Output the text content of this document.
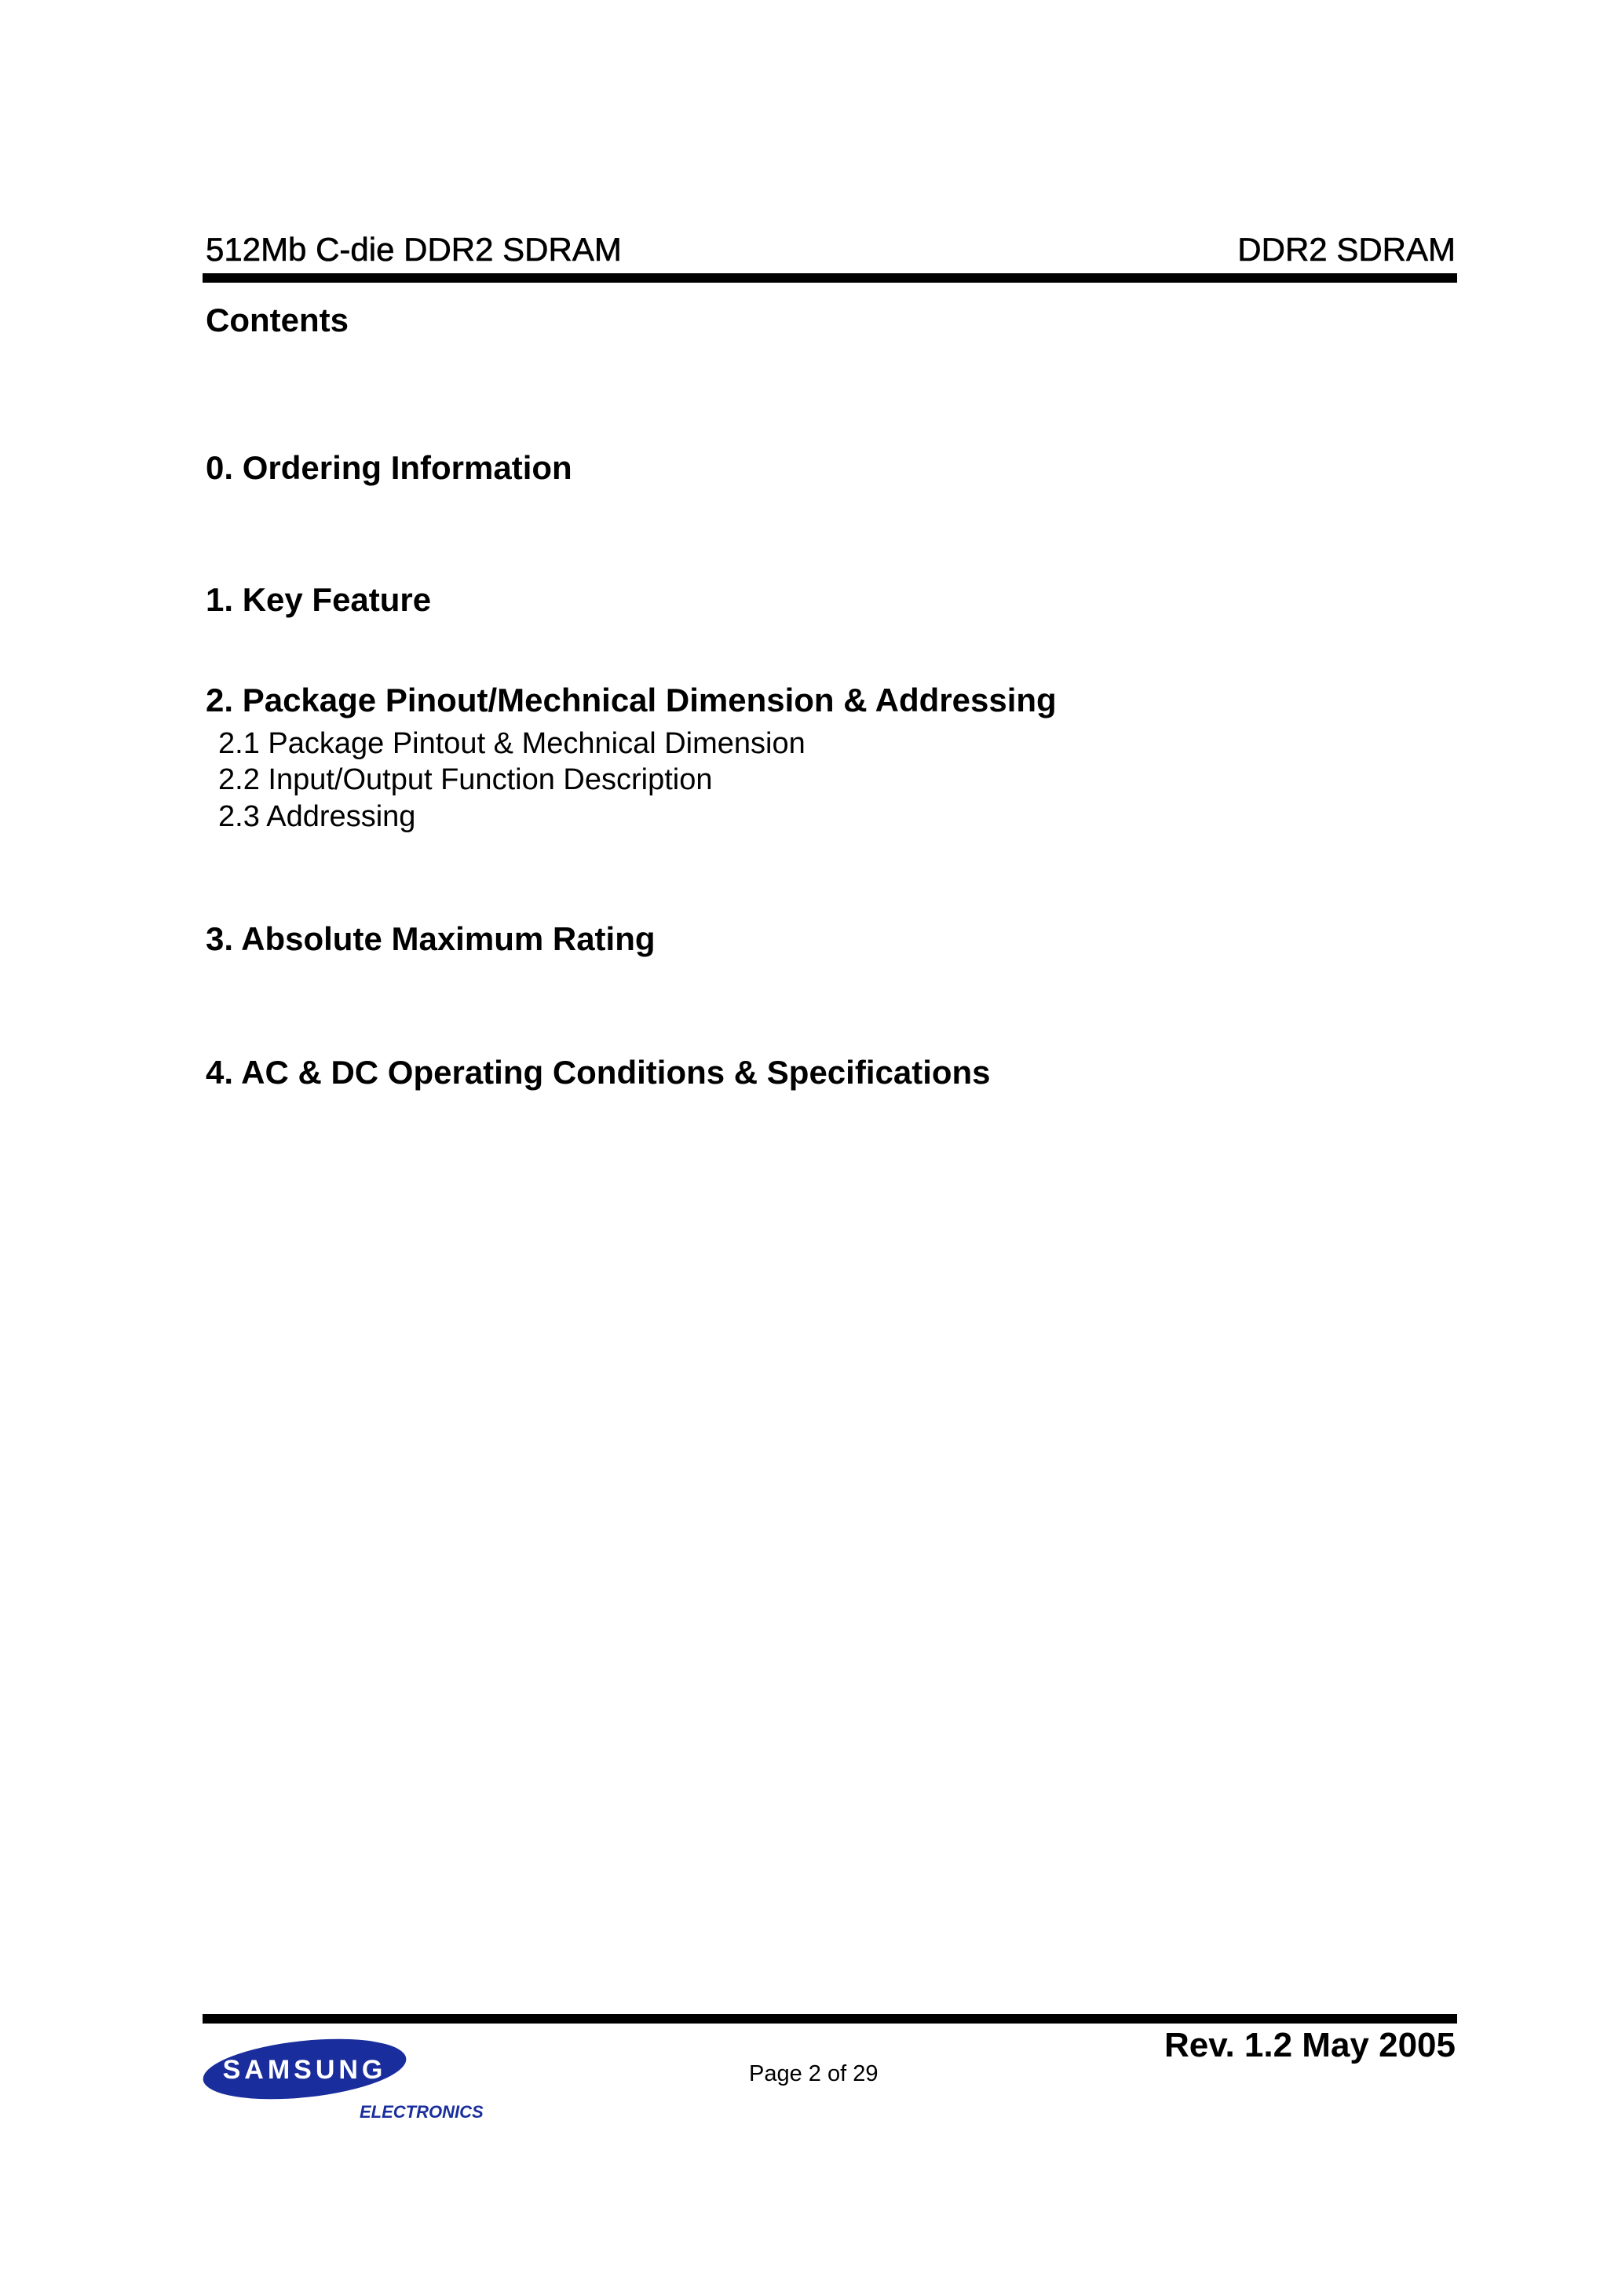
512Mb C-die DDR2 SDRAM	DDR2 SDRAM
Contents
0. Ordering Information
1. Key Feature
2. Package Pinout/Mechnical Dimension & Addressing
2.1 Package Pintout & Mechnical Dimension
2.2 Input/Output Function Description
2.3 Addressing
3. Absolute Maximum Rating
4. AC & DC Operating Conditions & Specifications
SAMSUNG
ELECTRONICS
Page 2 of 29
Rev. 1.2 May 2005
